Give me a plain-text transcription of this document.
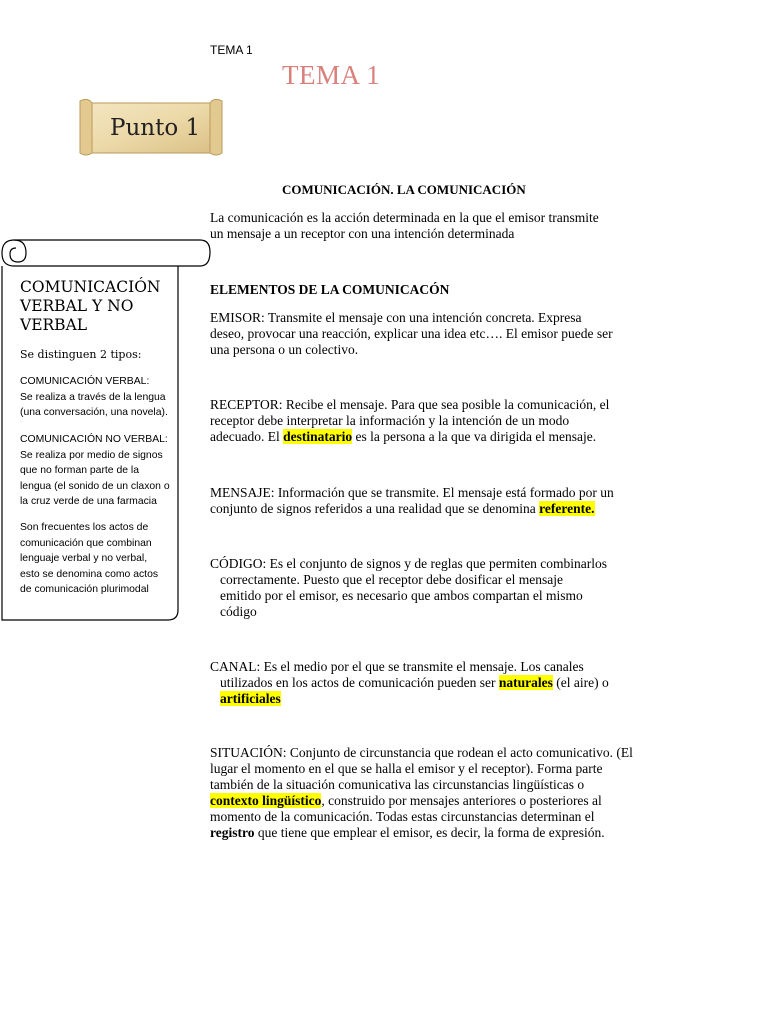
TEMA 1
TEMA 1
Punto 1
COMUNICACIÓN. LA COMUNICACIÓN
La comunicación es la acción determinada en la que el emisor transmite
un mensaje a un receptor con una intención determinada
ELEMENTOS DE LA COMUNICACÓN
EMISOR: Transmite el mensaje con una intención concreta. Expresa
deseo, provocar una reacción, explicar una idea etc…. El emisor puede ser
una persona o un colectivo.
RECEPTOR: Recibe el mensaje. Para que sea posible la comunicación, el
receptor debe interpretar la información y la intención de un modo
adecuado. El destinatario es la persona a la que va dirigida el mensaje.
MENSAJE: Información que se transmite. El mensaje está formado por un
conjunto de signos referidos a una realidad que se denomina referente.
CÓDIGO: Es el conjunto de signos y de reglas que permiten combinarlos

correctamente. Puesto que el receptor debe dosificar el mensaje
emitido por el emisor, es necesario que ambos compartan el mismo
código
CANAL: Es el medio por el que se transmite el mensaje. Los canales

utilizados en los actos de comunicación pueden ser naturales (el aire) o
artificiales
SITUACIÓN: Conjunto de circunstancia que rodean el acto comunicativo. (El
lugar el momento en el que se halla el emisor y el receptor). Forma parte
también de la situación comunicativa las circunstancias lingüísticas o
contexto lingüístico, construido por mensajes anteriores o posteriores al
momento de la comunicación. Todas estas circunstancias determinan el
registro que tiene que emplear el emisor, es decir, la forma de expresión.
COMUNICACIÓN VERBAL Y NO VERBAL
Se distinguen 2 tipos:
COMUNICACIÓN VERBAL:
Se realiza a través de la lengua
(una conversación, una novela).
COMUNICACIÓN NO VERBAL:
Se realiza por medio de signos
que no forman parte de la
lengua (el sonido de un claxon o
la cruz verde de una farmacia
Son frecuentes los actos de
comunicación que combinan
lenguaje verbal y no verbal,
esto se denomina como actos
de comunicación plurimodal
